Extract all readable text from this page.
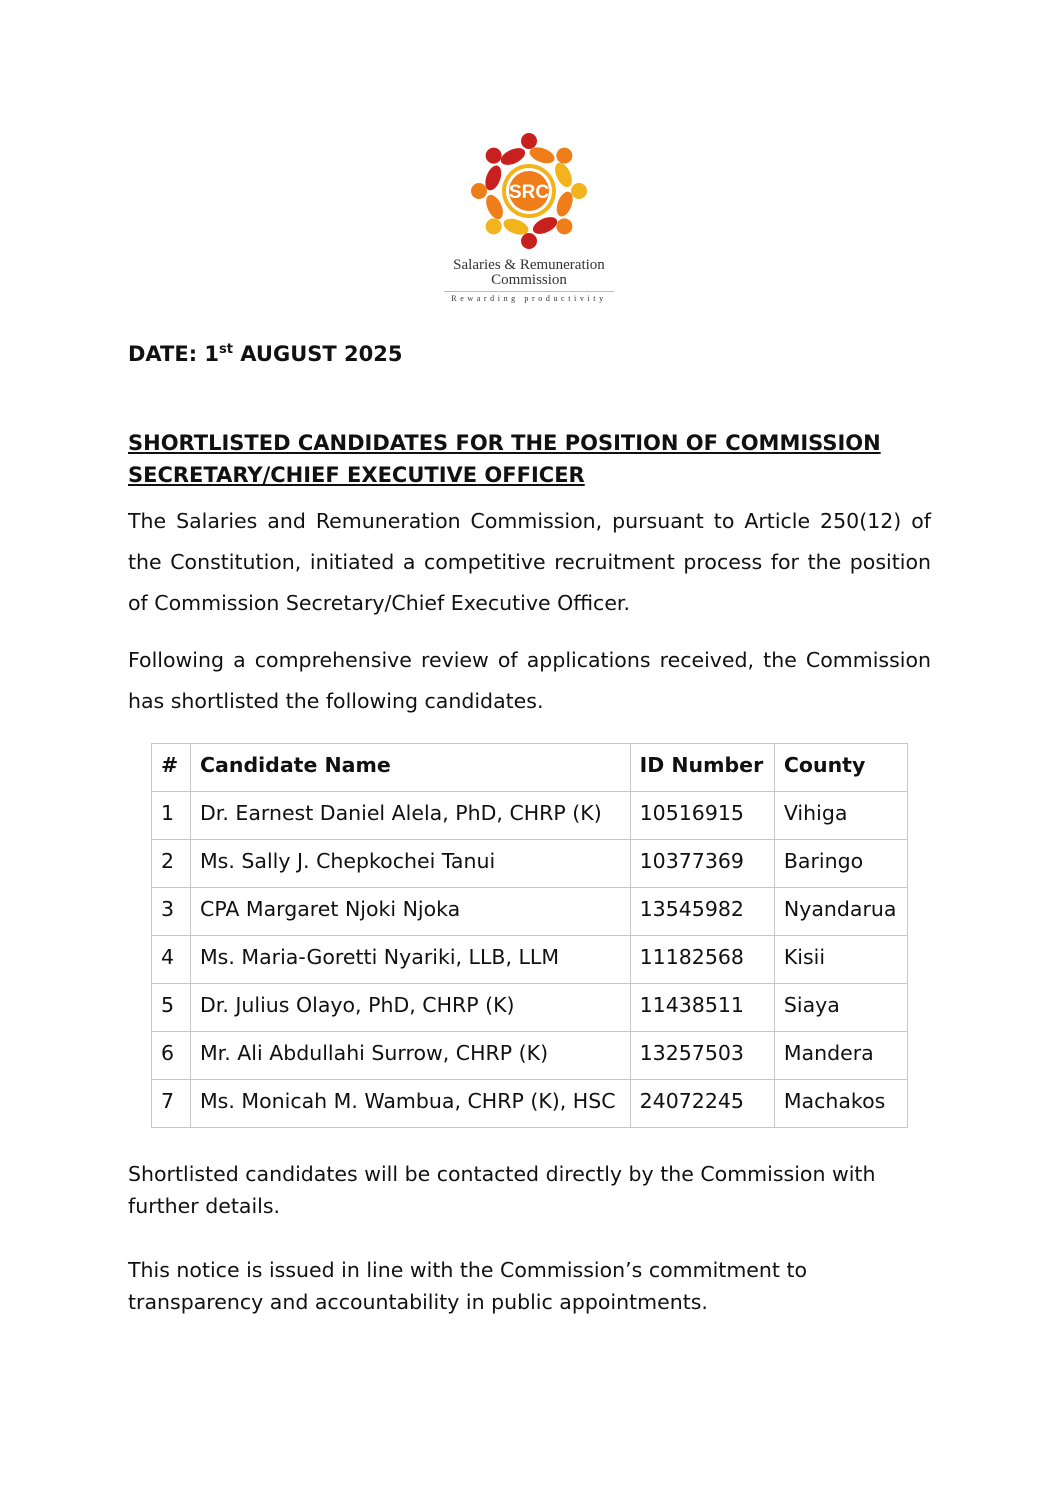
SRC
Salaries & Remuneration
Commission
Rewarding productivity

DATE: 1st AUGUST 2025

SHORTLISTED CANDIDATES FOR THE POSITION OF COMMISSION SECRETARY/CHIEF EXECUTIVE OFFICER

The Salaries and Remuneration Commission, pursuant to Article 250(12) of the Constitution, initiated a competitive recruitment process for the position of Commission Secretary/Chief Executive Officer.

Following a comprehensive review of applications received, the Commission has shortlisted the following candidates.

#	Candidate Name	ID Number	County
1	Dr. Earnest Daniel Alela, PhD, CHRP (K)	10516915	Vihiga
2	Ms. Sally J. Chepkochei Tanui	10377369	Baringo
3	CPA Margaret Njoki Njoka	13545982	Nyandarua
4	Ms. Maria-Goretti Nyariki, LLB, LLM	11182568	Kisii
5	Dr. Julius Olayo, PhD, CHRP (K)	11438511	Siaya
6	Mr. Ali Abdullahi Surrow, CHRP (K)	13257503	Mandera
7	Ms. Monicah M. Wambua, CHRP (K), HSC	24072245	Machakos

Shortlisted candidates will be contacted directly by the Commission with further details.

This notice is issued in line with the Commission’s commitment to transparency and accountability in public appointments.
